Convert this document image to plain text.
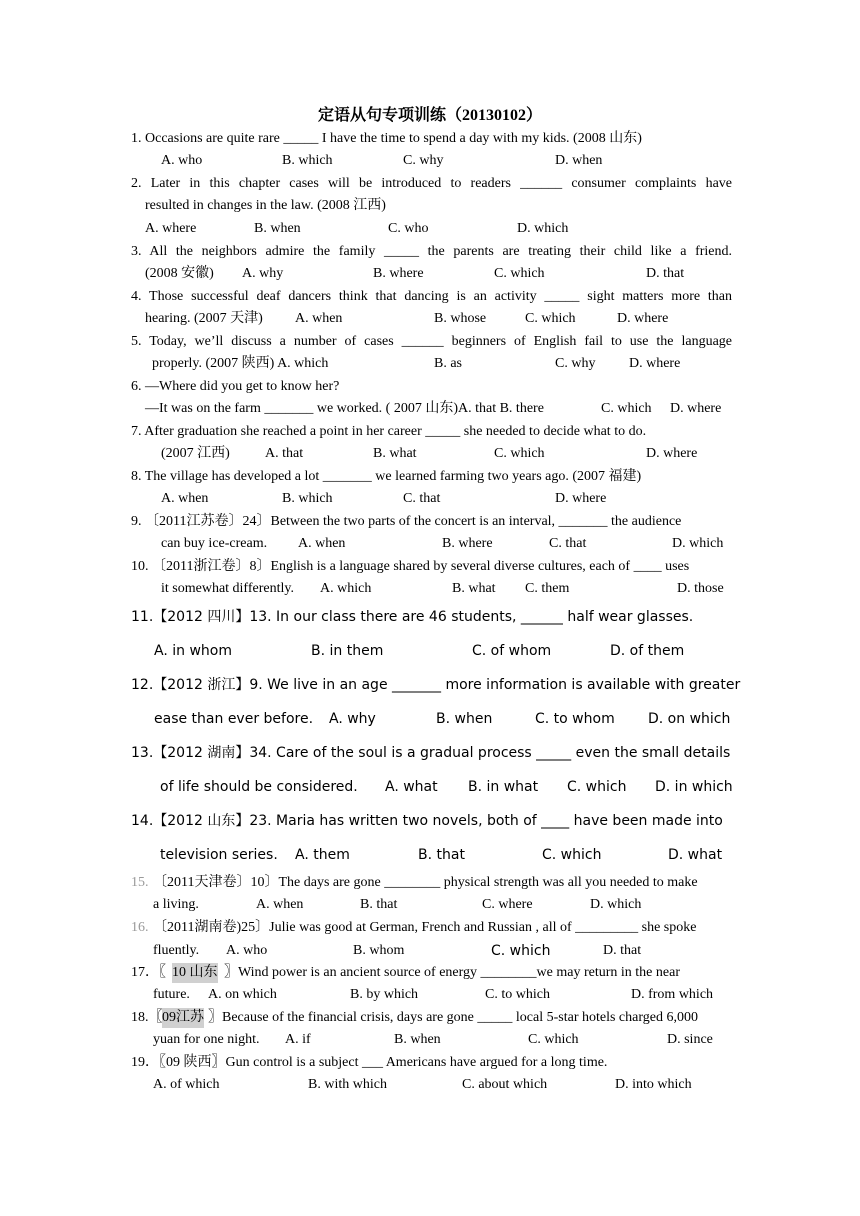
定语从句专项训练（20130102）
1. Occasions are quite rare _____ I have the time to spend a day with my kids. (2008 山东)
A. who	B. which	C. why	D. when
2. Later in this chapter cases will be introduced to readers ______ consumer complaints have
resulted in changes in the law. (2008 江西)
A. where	B. when	C. who	D. which
3. All the neighbors admire the family _____ the parents are treating their child like a friend.
(2008 安徽) A. why	B. where	C. which	D. that
4. Those successful deaf dancers think that dancing is an activity _____ sight matters more than
hearing. (2007 天津) A. when	B. whose	C. which	D. where
5. Today, we’ll discuss a number of cases ______ beginners of English fail to use the language
properly. (2007 陕西) A. which	B. as	C. why D. where
6. —Where did you get to know her?
—It was on the farm _______ we worked. ( 2007 山东)A. that B. there	C. which D. where
7. After graduation she reached a point in her career _____ she needed to decide what to do.
(2007 江西)	A. that	B. what	C. which	D. where
8. The village has developed a lot _______ we learned farming two years ago. (2007 福建)
A. when	B. which	C. that	D. where
9. 〔2011江苏卷〕24〕Between the two parts of the concert is an interval, _______ the audience
can buy ice-cream. A. when	B. where	C. that	D. which
10. 〔2011浙江卷〕8〕English is a language shared by several diverse cultures, each of ____ uses
it somewhat differently. A. which	B. what C. them	D. those
11.【2012 四川】13. In our class there are 46 students, ______ half wear glasses.
A. in whom	B. in them	C. of whom	D. of them
12.【2012 浙江】9. We live in an age _______ more information is available with greater
ease than ever before. A. why	B. when	C. to whom D. on which
13.【2012 湖南】34. Care of the soul is a gradual process _____ even the small details
of life should be considered. A. what B. in what C. which D. in which
14.【2012 山东】23. Maria has written two novels, both of ____ have been made into
television series. A. them	B. that	C. which	D. what
15. 〔2011天津卷〕10〕The days are gone ________ physical strength was all you needed to make
a living.	A. when	B. that	C. where	D. which
16. 〔2011湖南卷)25〕Julie was good at German, French and Russian , all of _________ she spoke
fluently. A. who	B. whom	C. which	D. that
17．〖 10 山东 〗Wind power is an ancient source of energy ________we may return in the near
future. A. on which	B. by which	C. to which	D. from which
18.〖 09江苏 〗Because of the financial crisis, days are gone _____ local 5-star hotels charged 6,000
yuan for one night. A. if	B. when	C. which	D. since
19．〖09 陕西〗Gun control is a subject ___ Americans have argued for a long time.
A. of which	B. with which	C. about which	D. into which
